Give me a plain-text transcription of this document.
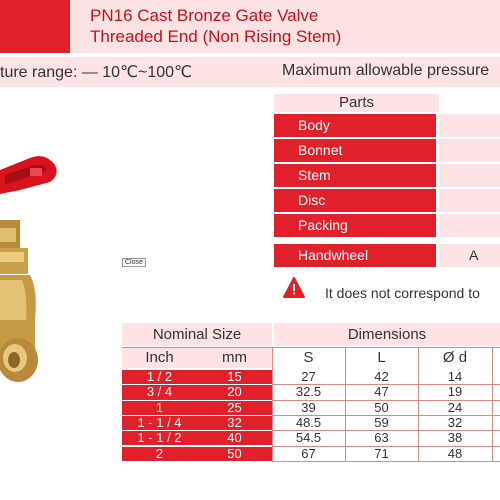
PN16 Cast Bronze Gate Valve
Threaded End (Non Rising Stem)
ture range: — 10℃~100℃	Maximum allowable pressure
Close
Parts
Body
Bonnet
Stem
Disc
Packing
Handwheel	A
It does not correspond to
Nominal Size	Dimensions
Inch	mm	S	L	Ø d
1 / 2	15	27	42	14
3 / 4	20	32.5	47	19
1	25	39	50	24
1 - 1 / 4	32	48.5	59	32
1 - 1 / 2	40	54.5	63	38
2	50	67	71	48
